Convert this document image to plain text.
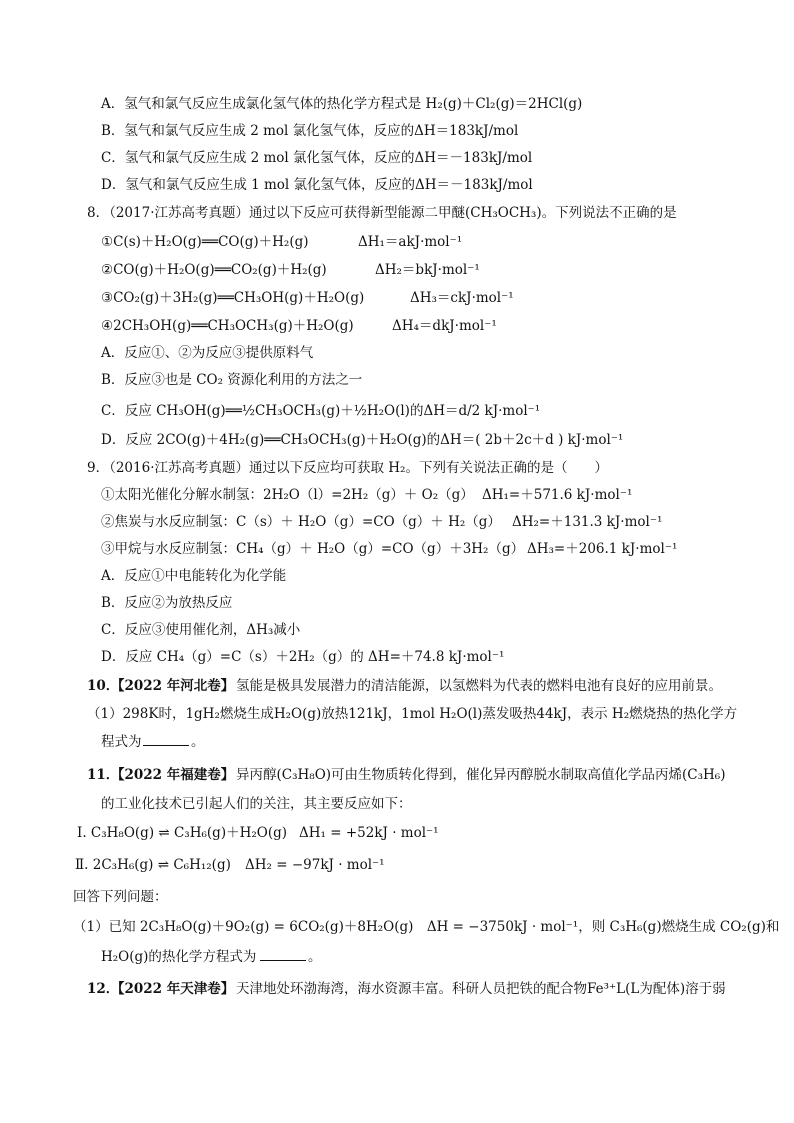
A．氢气和氯气反应生成氯化氢气体的热化学方程式是 H₂(g)＋Cl₂(g)＝2HCl(g)
B．氢气和氯气反应生成 2 mol 氯化氢气体，反应的ΔH＝183kJ/mol
C．氢气和氯气反应生成 2 mol 氯化氢气体，反应的ΔH＝－183kJ/mol
D．氢气和氯气反应生成 1 mol 氯化氢气体，反应的ΔH＝－183kJ/mol
8．（2017·江苏高考真题）通过以下反应可获得新型能源二甲醚(CH₃OCH₃)。下列说法不正确的是
①C(s)＋H₂O(g)══CO(g)＋H₂(g)	ΔH₁＝akJ·mol⁻¹
②CO(g)＋H₂O(g)══CO₂(g)＋H₂(g)	ΔH₂＝bkJ·mol⁻¹
③CO₂(g)＋3H₂(g)══CH₃OH(g)＋H₂O(g)	ΔH₃＝ckJ·mol⁻¹
④2CH₃OH(g)══CH₃OCH₃(g)＋H₂O(g)	ΔH₄＝dkJ·mol⁻¹
A．反应①、②为反应③提供原料气
B．反应③也是 CO₂ 资源化利用的方法之一
C．反应 CH₃OH(g)══½CH₃OCH₃(g)＋½H₂O(l)的ΔH＝d/2 kJ·mol⁻¹
D．反应 2CO(g)＋4H₂(g)══CH₃OCH₃(g)＋H₂O(g)的ΔH＝( 2b＋2c＋d ) kJ·mol⁻¹
9．（2016·江苏高考真题）通过以下反应均可获取 H₂。下列有关说法正确的是（　　）
①太阳光催化分解水制氢：2H₂O（l）=2H₂（g）＋ O₂（g） ΔH₁=＋571.6 kJ·mol⁻¹
②焦炭与水反应制氢：C（s）＋ H₂O（g）=CO（g）＋ H₂（g） ΔH₂=＋131.3 kJ·mol⁻¹
③甲烷与水反应制氢：CH₄（g）＋ H₂O（g）=CO（g）＋3H₂（g） ΔH₃=＋206.1 kJ·mol⁻¹
A．反应①中电能转化为化学能
B．反应②为放热反应
C．反应③使用催化剂，ΔH₃减小
D．反应 CH₄（g）=C（s）＋2H₂（g）的 ΔH=＋74.8 kJ·mol⁻¹
10．
【2022 年河北卷】 氢能是极具发展潜力的清洁能源，以氢燃料为代表的燃料电池有良好的应用前景。
（1）298K时，1gH₂燃烧生成H₂O(g)放热121kJ，1mol H₂O(l)蒸发吸热44kJ，表示 H₂燃烧热的热化学方
程式为	。
11．
【2022 年福建卷】 异丙醇(C₃H₈O)可由生物质转化得到，催化异丙醇脱水制取高值化学品丙烯(C₃H₆)
的工业化技术已引起人们的关注，其主要反应如下：
Ⅰ. C₃H₈O(g) ⇌ C₃H₆(g)＋H₂O(g) ΔH₁ = +52kJ · mol⁻¹
Ⅱ. 2C₃H₆(g) ⇌ C₆H₁₂(g) ΔH₂ = −97kJ · mol⁻¹
回答下列问题：
（1）已知 2C₃H₈O(g)＋9O₂(g) = 6CO₂(g)＋8H₂O(g)　ΔH = −3750kJ · mol⁻¹，则 C₃H₆(g)燃烧生成 CO₂(g)和
H₂O(g)的热化学方程式为	。
12．
【2022 年天津卷】 天津地处环渤海湾，海水资源丰富。科研人员把铁的配合物Fe³⁺L(L为配体)溶于弱
